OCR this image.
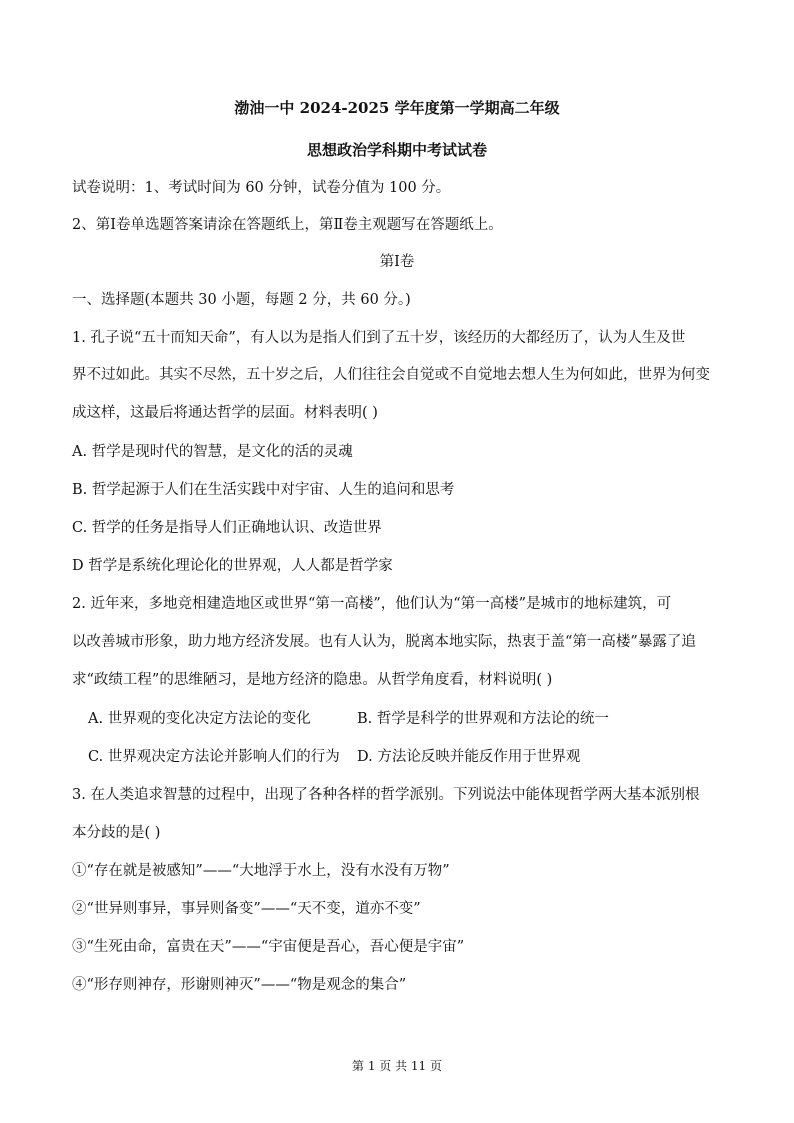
渤油一中 2024-2025 学年度第一学期高二年级
思想政治学科期中考试试卷
试卷说明：1、考试时间为 60 分钟，试卷分值为 100 分。
2、第Ⅰ卷单选题答案请涂在答题纸上，第Ⅱ卷主观题写在答题纸上。
第Ⅰ卷
一、选择题(本题共 30 小题，每题 2 分，共 60 分。)
1. 孔子说“五十而知天命”，有人以为是指人们到了五十岁，该经历的大都经历了，认为人生及世
界不过如此。其实不尽然，五十岁之后，人们往往会自觉或不自觉地去想人生为何如此，世界为何变
成这样，这最后将通达哲学的层面。材料表明( )
A. 哲学是现时代的智慧，是文化的活的灵魂
B. 哲学起源于人们在生活实践中对宇宙、人生的追问和思考
C. 哲学的任务是指导人们正确地认识、改造世界
D 哲学是系统化理论化的世界观，人人都是哲学家
2. 近年来，多地竞相建造地区或世界“第一高楼”，他们认为“第一高楼”是城市的地标建筑，可
以改善城市形象，助力地方经济发展。也有人认为，脱离本地实际，热衷于盖“第一高楼”暴露了追
求“政绩工程”的思维陋习，是地方经济的隐患。从哲学角度看，材料说明( )
A. 世界观的变化决定方法论的变化	B. 哲学是科学的世界观和方法论的统一
C. 世界观决定方法论并影响人们的行为 D. 方法论反映并能反作用于世界观
3. 在人类追求智慧的过程中，出现了各种各样的哲学派别。下列说法中能体现哲学两大基本派别根
本分歧的是( )
①“存在就是被感知”——“大地浮于水上，没有水没有万物”
②“世异则事异，事异则备变”——“天不变，道亦不变”
③“生死由命，富贵在天”——“宇宙便是吾心，吾心便是宇宙”
④“形存则神存，形谢则神灭”——“物是观念的集合”
第 1 页 共 11 页
